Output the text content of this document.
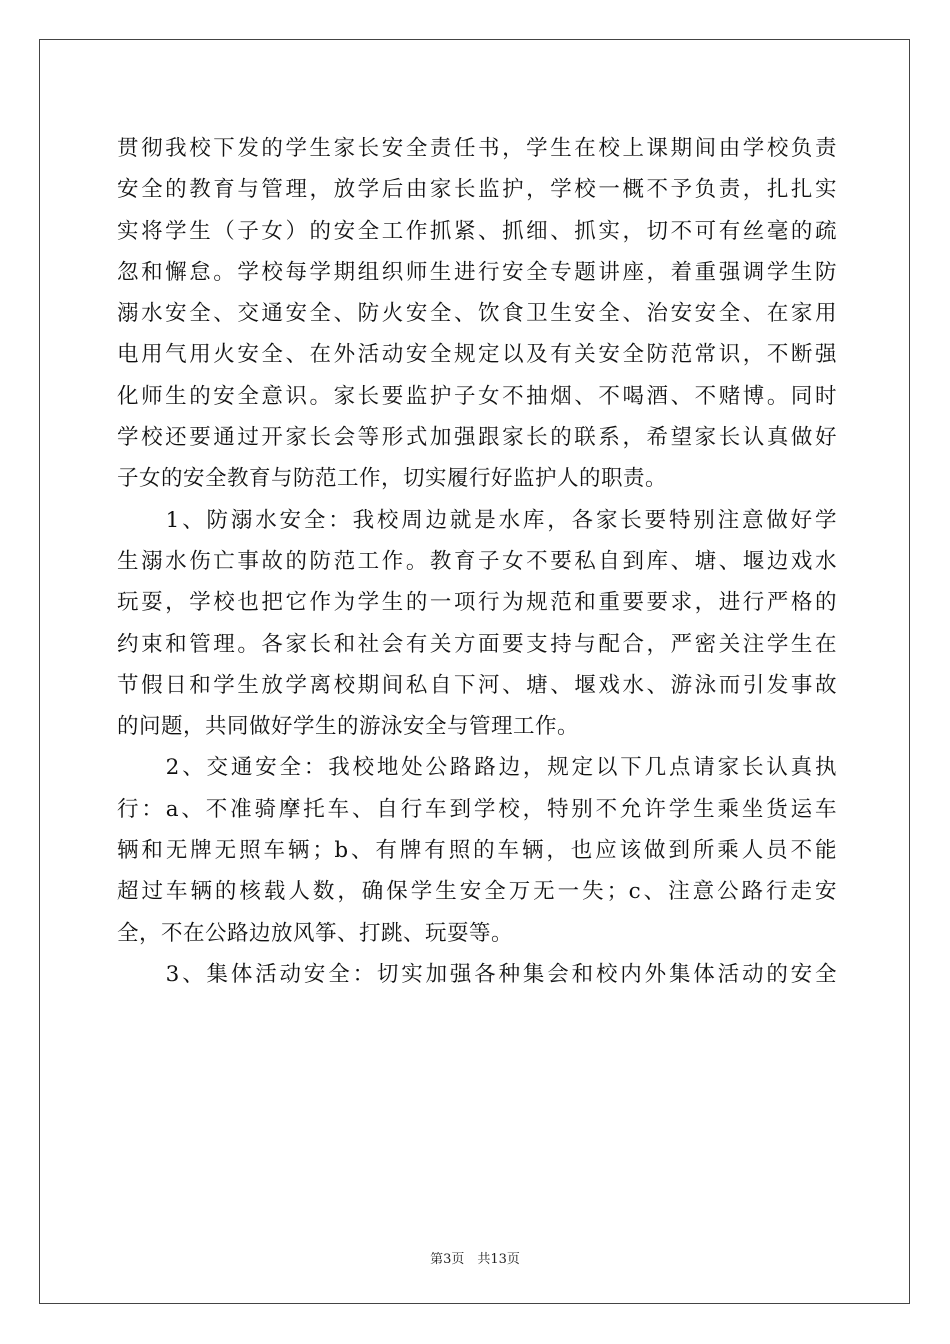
贯彻我校下发的学生家长安全责任书，学生在校上课期间由学校负责
安全的教育与管理，放学后由家长监护，学校一概不予负责，扎扎实
实将学生（子女）的安全工作抓紧、抓细、抓实，切不可有丝毫的疏
忽和懈怠。学校每学期组织师生进行安全专题讲座，着重强调学生防
溺水安全、交通安全、防火安全、饮食卫生安全、治安安全、在家用
电用气用火安全、在外活动安全规定以及有关安全防范常识，不断强
化师生的安全意识。家长要监护子女不抽烟、不喝酒、不赌博。同时
学校还要通过开家长会等形式加强跟家长的联系，希望家长认真做好
子女的安全教育与防范工作，切实履行好监护人的职责。
　　1、防溺水安全：我校周边就是水库，各家长要特别注意做好学
生溺水伤亡事故的防范工作。教育子女不要私自到库、塘、堰边戏水
玩耍，学校也把它作为学生的一项行为规范和重要要求，进行严格的
约束和管理。各家长和社会有关方面要支持与配合，严密关注学生在
节假日和学生放学离校期间私自下河、塘、堰戏水、游泳而引发事故
的问题，共同做好学生的游泳安全与管理工作。
　　2、交通安全：我校地处公路路边，规定以下几点请家长认真执
行：a、不准骑摩托车、自行车到学校，特别不允许学生乘坐货运车
辆和无牌无照车辆；b、有牌有照的车辆，也应该做到所乘人员不能
超过车辆的核载人数，确保学生安全万无一失；c、注意公路行走安
全，不在公路边放风筝、打跳、玩耍等。
　　3、集体活动安全：切实加强各种集会和校内外集体活动的安全
第3页　共13页
